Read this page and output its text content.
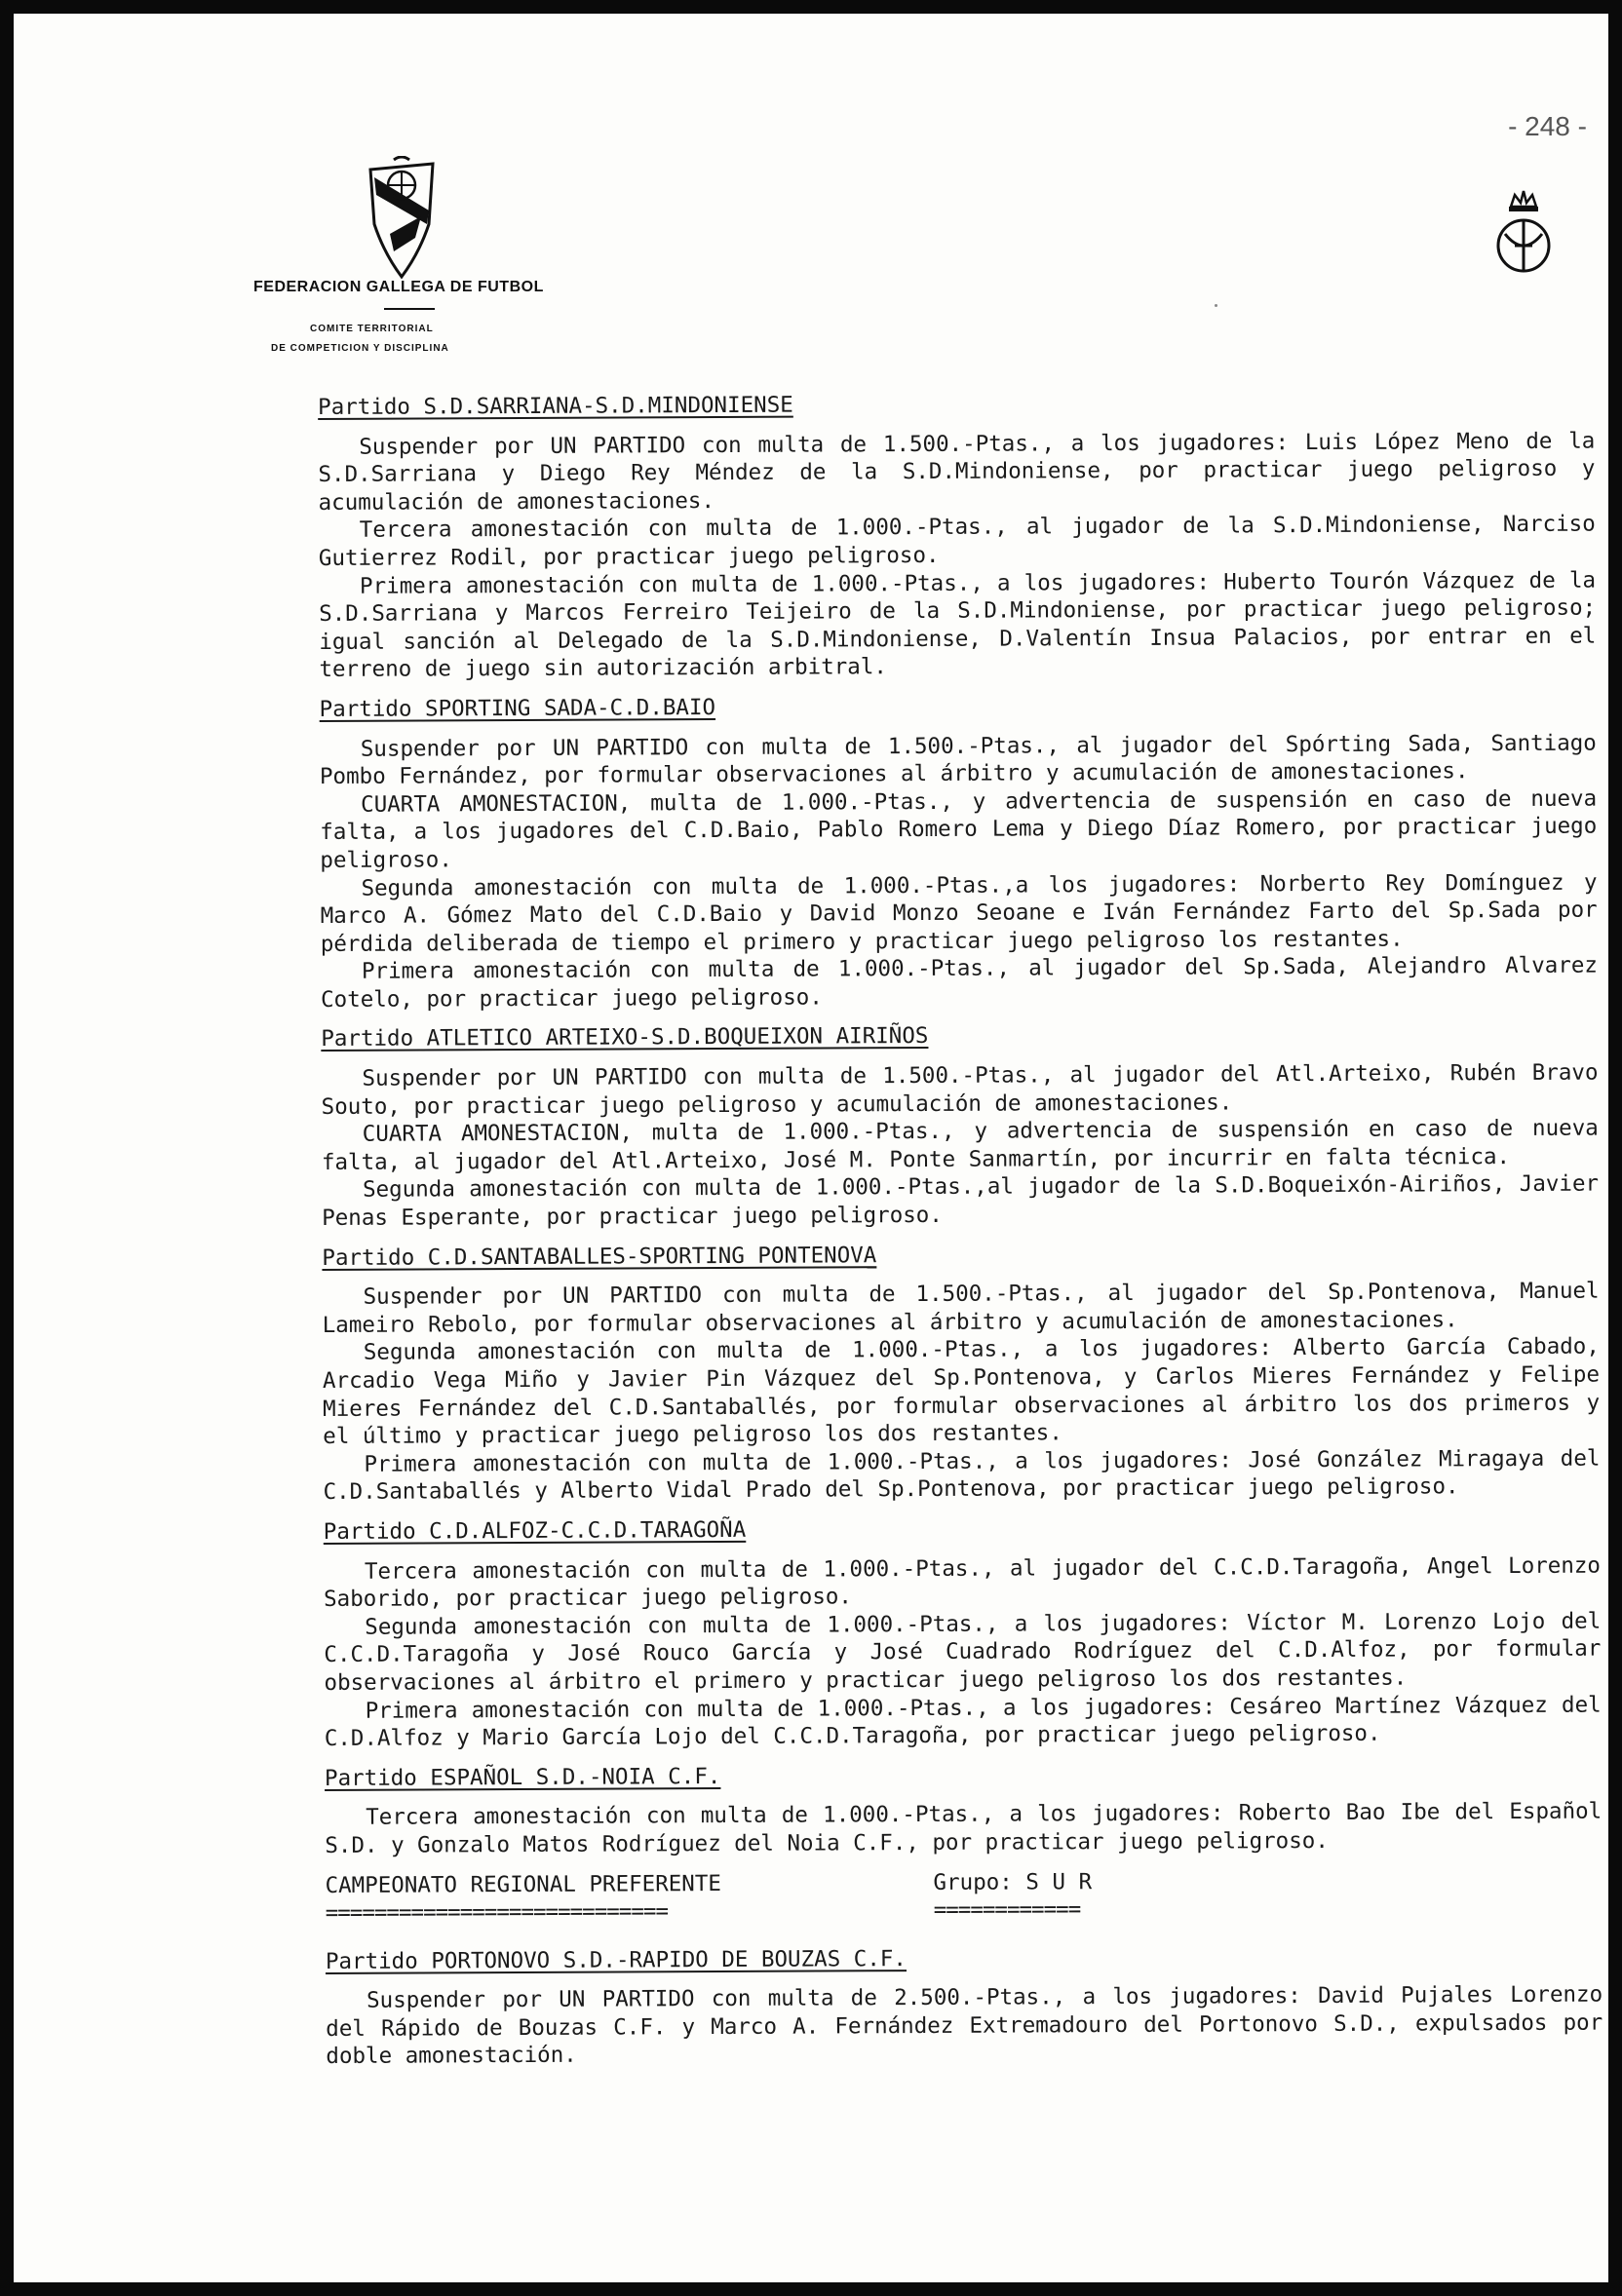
- 248 -
FEDERACION GALLEGA DE FUTBOL
COMITE TERRITORIAL
DE COMPETICION Y DISCIPLINA
Partido S.D.SARRIANA-S.D.MINDONIENSE

Suspender por UN PARTIDO con multa de 1.500.-Ptas., a los jugadores: Luis López Meno de la S.D.Sarriana y Diego Rey Méndez de la S.D.Mindoniense, por practicar juego peligroso y acumulación de amonestaciones.

Tercera amonestación con multa de 1.000.-Ptas., al jugador de la S.D.Mindoniense, Narciso Gutierrez Rodil, por practicar juego peligroso.

Primera amonestación con multa de 1.000.-Ptas., a los jugadores: Huberto Tourón Vázquez de la S.D.Sarriana y Marcos Ferreiro Teijeiro de la S.D.Mindoniense, por practicar juego peligroso; igual sanción al Delegado de la S.D.Mindoniense, D.Valentín Insua Palacios, por entrar en el terreno de juego sin autorización arbitral.

Partido SPORTING SADA-C.D.BAIO

Suspender por UN PARTIDO con multa de 1.500.-Ptas., al jugador del Spórting Sada, Santiago Pombo Fernández, por formular observaciones al árbitro y acumulación de amonestaciones.

CUARTA AMONESTACION, multa de 1.000.-Ptas., y advertencia de suspensión en caso de nueva falta, a los jugadores del C.D.Baio, Pablo Romero Lema y Diego Díaz Romero, por practicar juego peligroso.

Segunda amonestación con multa de 1.000.-Ptas.,a los jugadores: Norberto Rey Domínguez y Marco A. Gómez Mato del C.D.Baio y David Monzo Seoane e Iván Fernández Farto del Sp.Sada por pérdida deliberada de tiempo el primero y practicar juego peligroso los restantes.

Primera amonestación con multa de 1.000.-Ptas., al jugador del Sp.Sada, Alejandro Alvarez Cotelo, por practicar juego peligroso.

Partido ATLETICO ARTEIXO-S.D.BOQUEIXON AIRIÑOS

Suspender por UN PARTIDO con multa de 1.500.-Ptas., al jugador del Atl.Arteixo, Rubén Bravo Souto, por practicar juego peligroso y acumulación de amonestaciones.

CUARTA AMONESTACION, multa de 1.000.-Ptas., y advertencia de suspensión en caso de nueva falta, al jugador del Atl.Arteixo, José M. Ponte Sanmartín, por incurrir en falta técnica.

Segunda amonestación con multa de 1.000.-Ptas.,al jugador de la S.D.Boqueixón-Airiños, Javier Penas Esperante, por practicar juego peligroso.

Partido C.D.SANTABALLES-SPORTING PONTENOVA

Suspender por UN PARTIDO con multa de 1.500.-Ptas., al jugador del Sp.Pontenova, Manuel Lameiro Rebolo, por formular observaciones al árbitro y acumulación de amonestaciones.

Segunda amonestación con multa de 1.000.-Ptas., a los jugadores: Alberto García Cabado, Arcadio Vega Miño y Javier Pin Vázquez del Sp.Pontenova, y Carlos Mieres Fernández y Felipe Mieres Fernández del C.D.Santaballés, por formular observaciones al árbitro los dos primeros y el último y practicar juego peligroso los dos restantes.

Primera amonestación con multa de 1.000.-Ptas., a los jugadores: José González Miragaya del C.D.Santaballés y Alberto Vidal Prado del Sp.Pontenova, por practicar juego peligroso.

Partido C.D.ALFOZ-C.C.D.TARAGOÑA

Tercera amonestación con multa de 1.000.-Ptas., al jugador del C.C.D.Taragoña, Angel Lorenzo Saborido, por practicar juego peligroso.

Segunda amonestación con multa de 1.000.-Ptas., a los jugadores: Víctor M. Lorenzo Lojo del C.C.D.Taragoña y José Rouco García y José Cuadrado Rodríguez del C.D.Alfoz, por formular observaciones al árbitro el primero y practicar juego peligroso los dos restantes.

Primera amonestación con multa de 1.000.-Ptas., a los jugadores: Cesáreo Martínez Vázquez del C.D.Alfoz y Mario García Lojo del C.C.D.Taragoña, por practicar juego peligroso.

Partido ESPAÑOL S.D.-NOIA C.F.

Tercera amonestación con multa de 1.000.-Ptas., a los jugadores: Roberto Bao Ibe del Español S.D. y Gonzalo Matos Rodríguez del Noia C.F., por practicar juego peligroso.

CAMPEONATO REGIONAL PREFERENTE
============================
Grupo: S U R
============
Partido PORTONOVO S.D.-RAPIDO DE BOUZAS C.F.

Suspender por UN PARTIDO con multa de 2.500.-Ptas., a los jugadores: David Pujales Lorenzo del Rápido de Bouzas C.F. y Marco A. Fernández Extremadouro del Portonovo S.D., expulsados por doble amonestación.
